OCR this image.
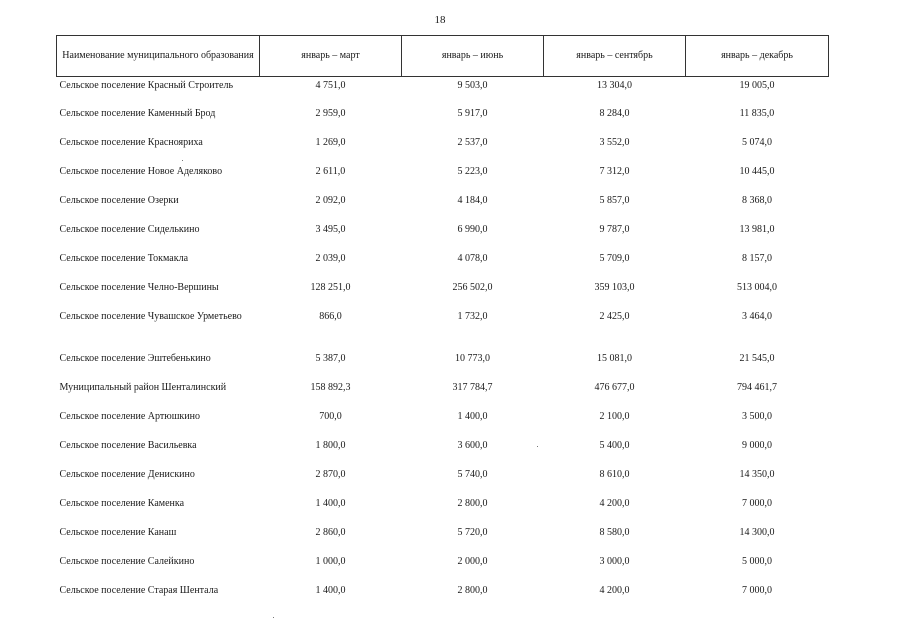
18
Наименование муниципального образования	январь – март	январь – июнь	январь – сентябрь	январь – декабрь
Сельское поселение Красный Строитель	4 751,0	9 503,0	13 304,0	19 005,0
Сельское поселение Каменный Брод	2 959,0	5 917,0	8 284,0	11 835,0
Сельское поселение Краснояриха	1 269,0	2 537,0	3 552,0	5 074,0
Сельское поселение Новое Аделяково	2 611,0	5 223,0	7 312,0	10 445,0
Сельское поселение Озерки	2 092,0	4 184,0	5 857,0	8 368,0
Сельское поселение Сиделькино	3 495,0	6 990,0	9 787,0	13 981,0
Сельское поселение Токмакла	2 039,0	4 078,0	5 709,0	8 157,0
Сельское поселение Челно-Вершины	128 251,0	256 502,0	359 103,0	513 004,0
Сельское поселение Чувашское Урметьево	866,0	1 732,0	2 425,0	3 464,0
Сельское поселение Эштебенькино	5 387,0	10 773,0	15 081,0	21 545,0
Муниципальный район Шенталинский	158 892,3	317 784,7	476 677,0	794 461,7
Сельское поселение Артюшкино	700,0	1 400,0	2 100,0	3 500,0
Сельское поселение Васильевка	1 800,0	3 600,0	5 400,0	9 000,0
Сельское поселение Денискино	2 870,0	5 740,0	8 610,0	14 350,0
Сельское поселение Каменка	1 400,0	2 800,0	4 200,0	7 000,0
Сельское поселение Канаш	2 860,0	5 720,0	8 580,0	14 300,0
Сельское поселение Салейкино	1 000,0	2 000,0	3 000,0	5 000,0
Сельское поселение Старая Шентала	1 400,0	2 800,0	4 200,0	7 000,0
